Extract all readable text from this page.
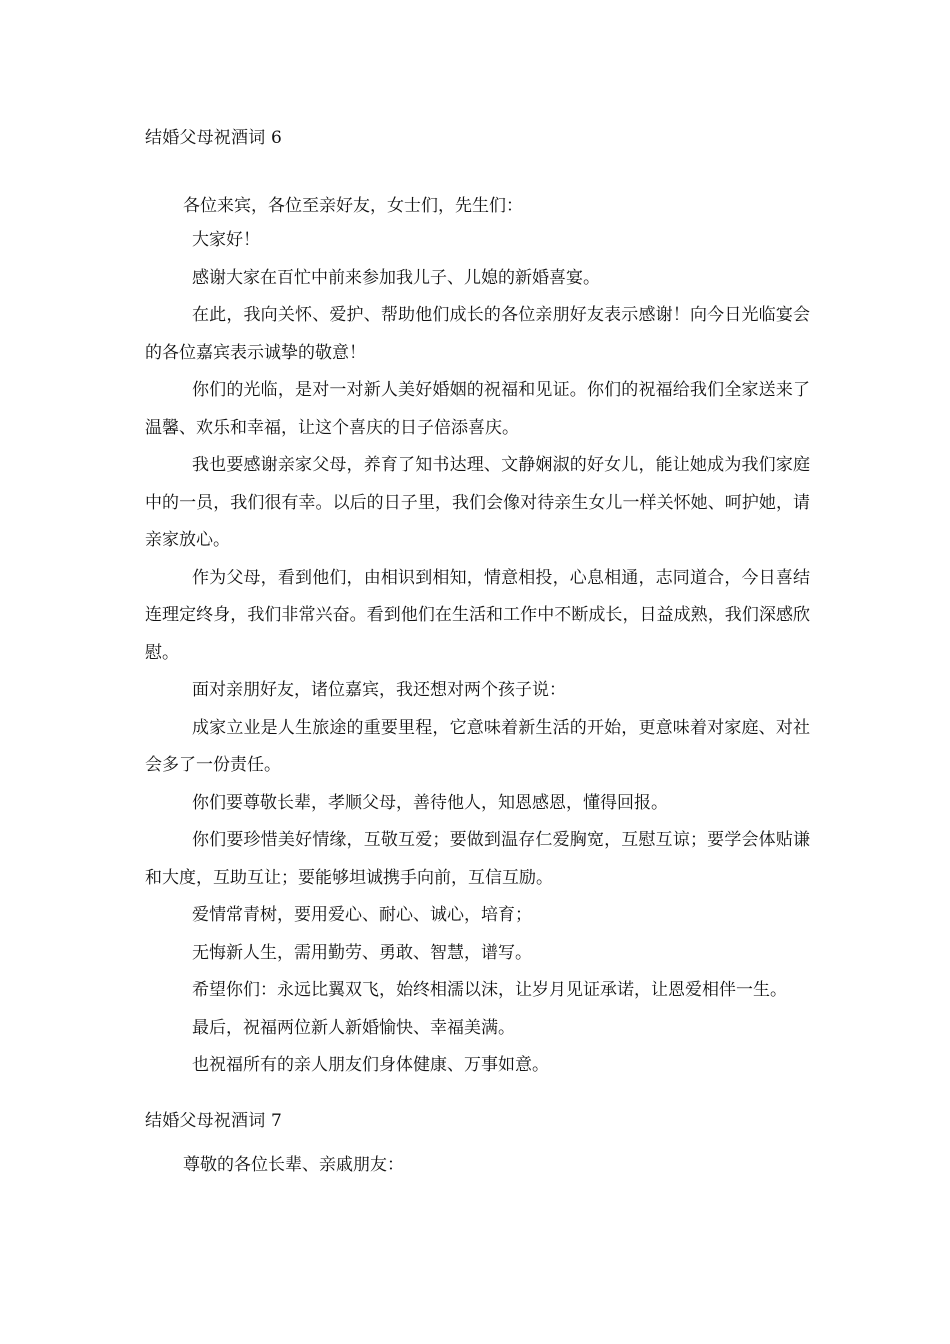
结婚父母祝酒词 6
各位来宾，各位至亲好友，女士们，先生们：

大家好！

感谢大家在百忙中前来参加我儿子、儿媳的新婚喜宴。

在此，我向关怀、爱护、帮助他们成长的各位亲朋好友表示感谢！向今日光临宴会的各位嘉宾表示诚挚的敬意！

你们的光临，是对一对新人美好婚姻的祝福和见证。你们的祝福给我们全家送来了温馨、欢乐和幸福，让这个喜庆的日子倍添喜庆。

我也要感谢亲家父母，养育了知书达理、文静娴淑的好女儿，能让她成为我们家庭中的一员，我们很有幸。以后的日子里，我们会像对待亲生女儿一样关怀她、呵护她，请亲家放心。

作为父母，看到他们，由相识到相知，情意相投，心息相通，志同道合，今日喜结连理定终身，我们非常兴奋。看到他们在生活和工作中不断成长，日益成熟，我们深感欣慰。

面对亲朋好友，诸位嘉宾，我还想对两个孩子说：

成家立业是人生旅途的重要里程，它意味着新生活的开始，更意味着对家庭、对社会多了一份责任。

你们要尊敬长辈，孝顺父母，善待他人，知恩感恩，懂得回报。

你们要珍惜美好情缘，互敬互爱；要做到温存仁爱胸宽，互慰互谅；要学会体贴谦和大度，互助互让；要能够坦诚携手向前，互信互励。

爱情常青树，要用爱心、耐心、诚心，培育；

无悔新人生，需用勤劳、勇敢、智慧，谱写。

希望你们：永远比翼双飞，始终相濡以沫，让岁月见证承诺，让恩爱相伴一生。

最后，祝福两位新人新婚愉快、幸福美满。

也祝福所有的亲人朋友们身体健康、万事如意。

结婚父母祝酒词 7
尊敬的各位长辈、亲戚朋友：
